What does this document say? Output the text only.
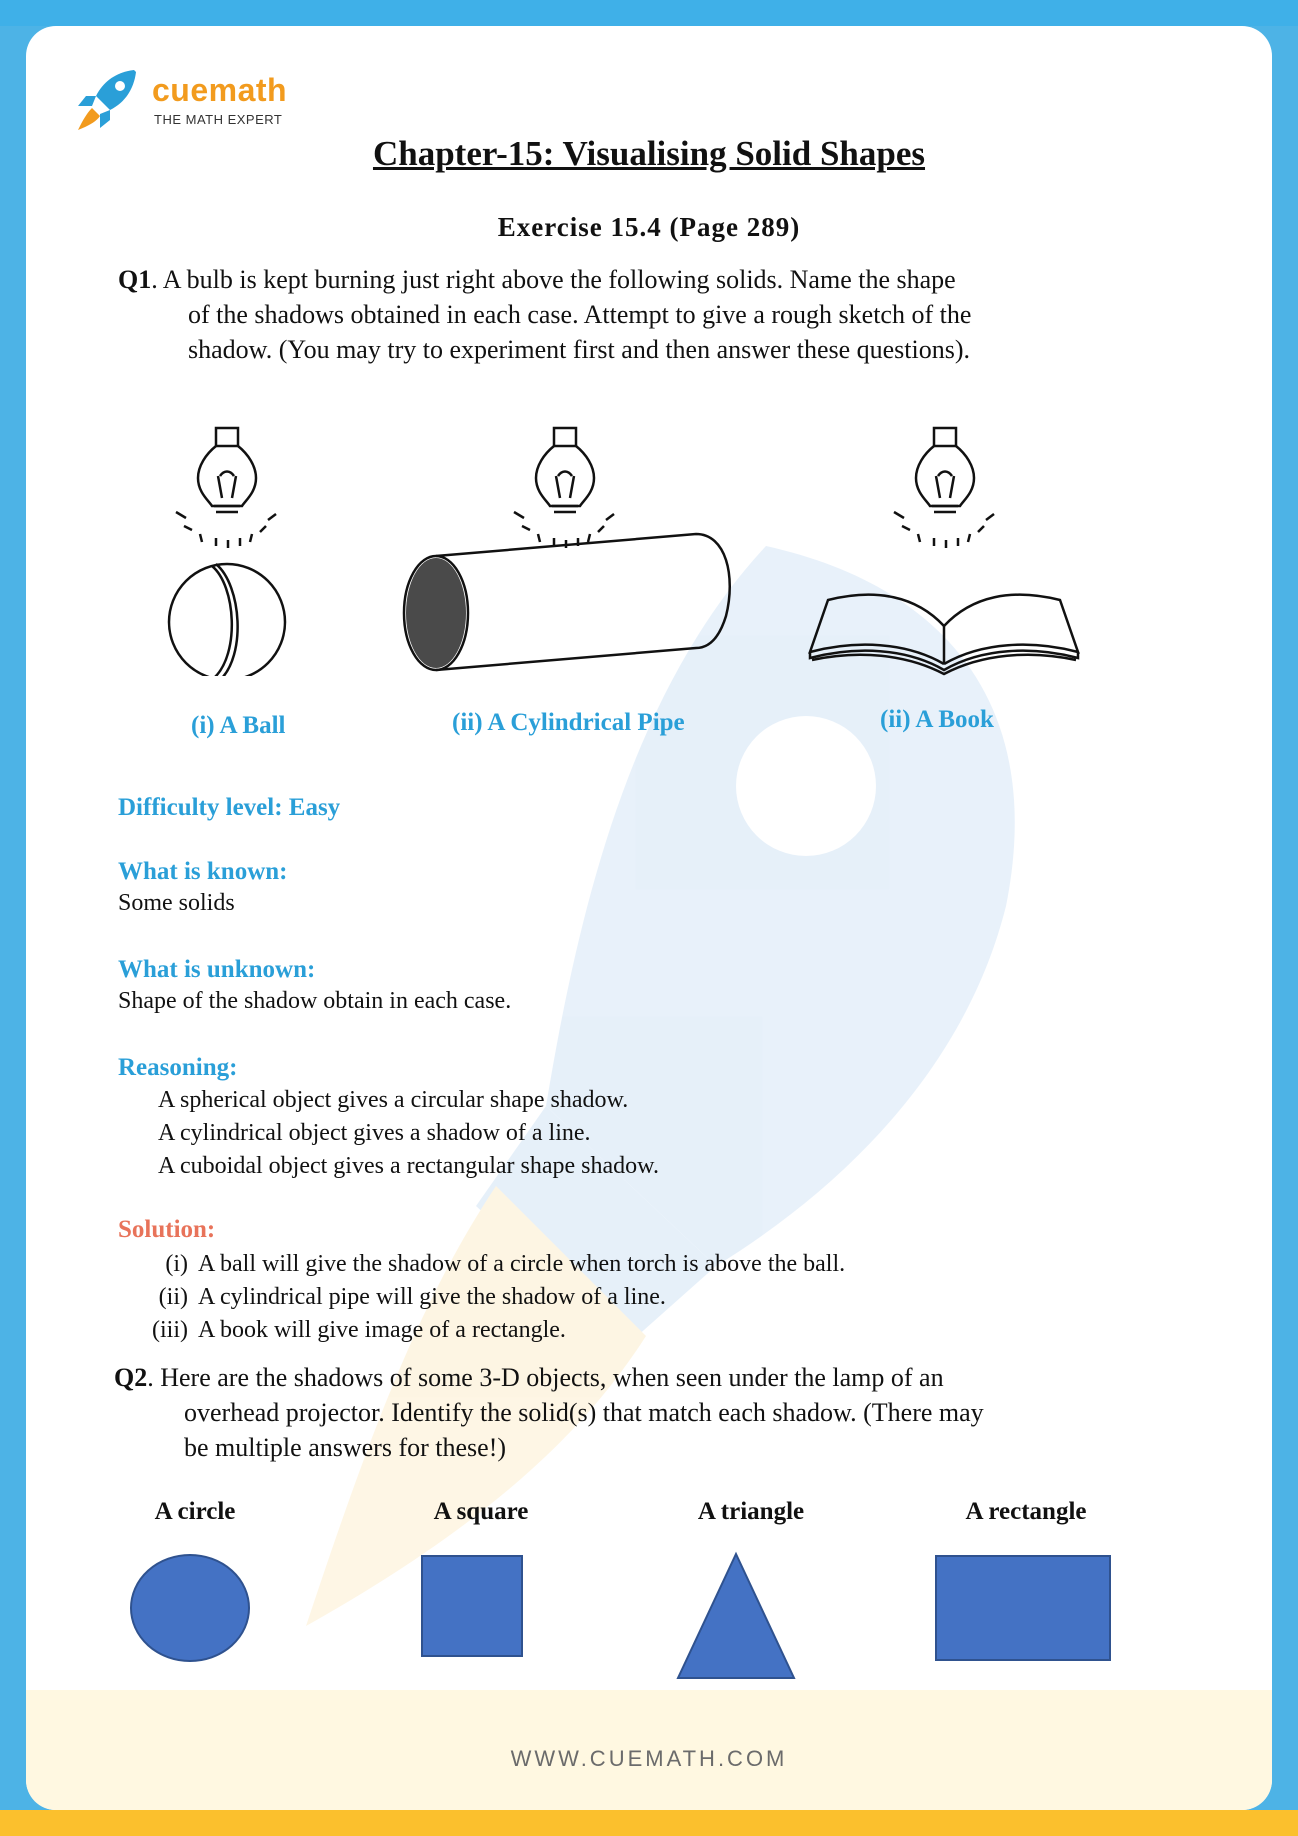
cuemath
THE MATH EXPERT
Chapter-15: Visualising Solid Shapes
Exercise 15.4 (Page 289)
Q1. A bulb is kept burning just right above the following solids. Name the shape
of the shadows obtained in each case. Attempt to give a rough sketch of the
shadow. (You may try to experiment first and then answer these questions).
(i) A Ball	(ii) A Cylindrical Pipe	(ii) A Book
Difficulty level: Easy
What is known:
Some solids
What is unknown:
Shape of the shadow obtain in each case.
Reasoning:
A spherical object gives a circular shape shadow.
A cylindrical object gives a shadow of a line.
A cuboidal object gives a rectangular shape shadow.
Solution:
(i) A ball will give the shadow of a circle when torch is above the ball.
(ii) A cylindrical pipe will give the shadow of a line.
(iii) A book will give image of a rectangle.
Q2. Here are the shadows of some 3-D objects, when seen under the lamp of an
overhead projector. Identify the solid(s) that match each shadow. (There may
be multiple answers for these!)
A circle	A square	A triangle	A rectangle
WWW.CUEMATH.COM
